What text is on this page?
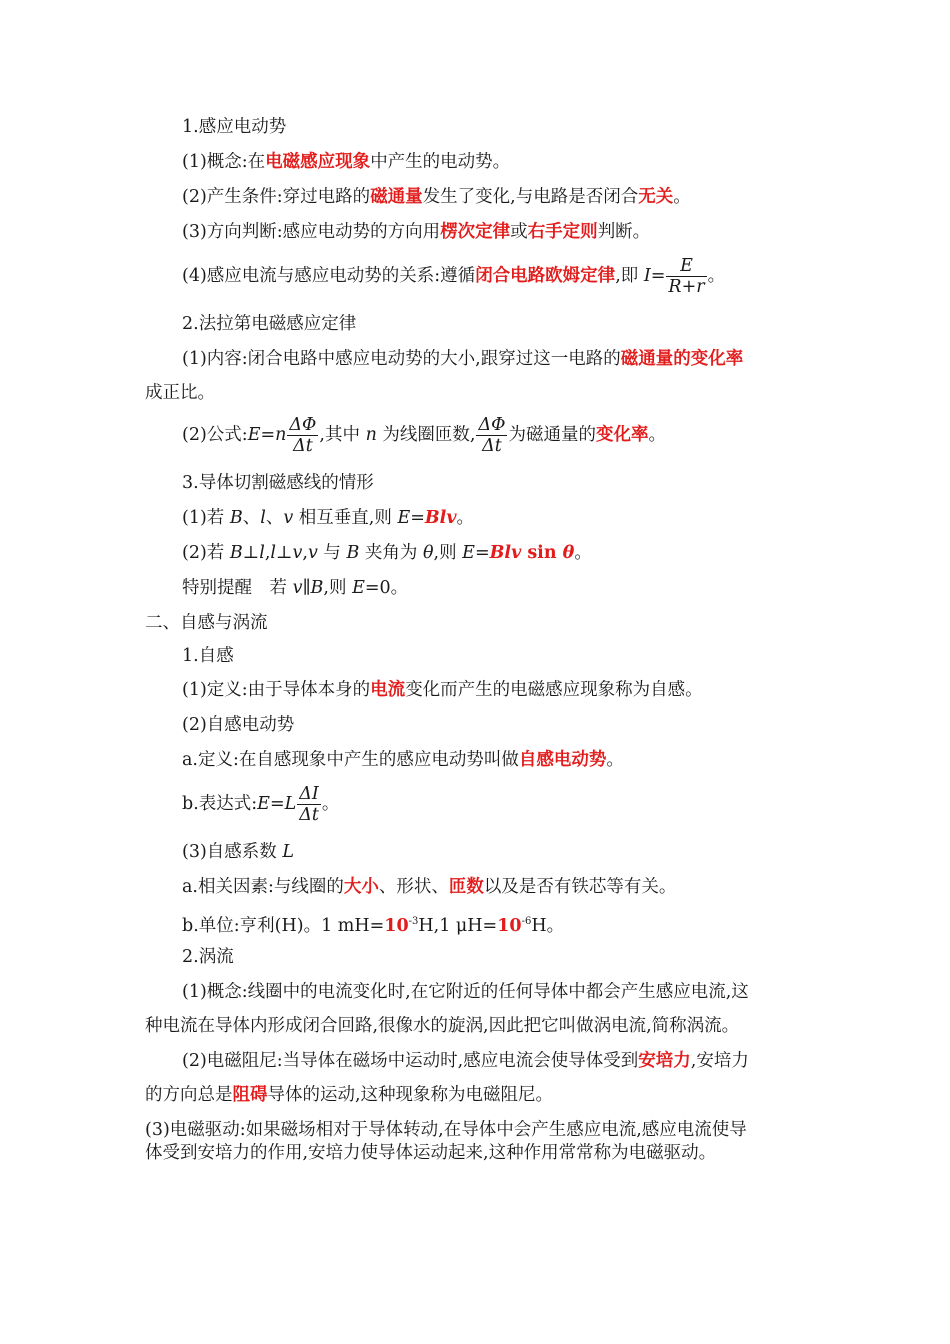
1.感应电动势
(1)概念:在电磁感应现象中产生的电动势。
(2)产生条件:穿过电路的磁通量发生了变化,与电路是否闭合无关。
(3)方向判断:感应电动势的方向用楞次定律或右手定则判断。
(4)感应电流与感应电动势的关系:遵循闭合电路欧姆定律,即 $I= \frac{E}{R+r}$ 。
2.法拉第电磁感应定律
(1)内容:闭合电路中感应电动势的大小,跟穿过这一电路的磁通量的变化率
成正比。
(2)公式:E=n $\frac{\Delta\Phi}{\Delta t}$ ,其中 n 为线圈匝数, $\frac{\Delta\Phi}{\Delta t}$ 为磁通量的变化率。
3.导体切割磁感线的情形
(1)若 B、l、v 相互垂直,则 E=Blv。
(2)若 B⊥l,l⊥v,v 与 B 夹角为 θ,则 E=Blv sin θ。
特别提醒　若 v∥B,则 E=0。
二、自感与涡流
1.自感
(1)定义:由于导体本身的电流变化而产生的电磁感应现象称为自感。
(2)自感电动势
a.定义:在自感现象中产生的感应电动势叫做自感电动势。
b.表达式:E=L $\frac{\Delta I}{\Delta t}$ 。
(3)自感系数 L
a.相关因素:与线圈的大小、形状、匝数以及是否有铁芯等有关。
b.单位:亨利(H)。1 $mH=10^{-3}H,1$ $\mu H=10^{-6}H$。
2.涡流
(1)概念:线圈中的电流变化时,在它附近的任何导体中都会产生感应电流,这
种电流在导体内形成闭合回路,很像水的旋涡,因此把它叫做涡电流,简称涡流。
(2)电磁阻尼:当导体在磁场中运动时,感应电流会使导体受到安培力,安培力
的方向总是阻碍导体的运动,这种现象称为电磁阻尼。
(3)电磁驱动:如果磁场相对于导体转动,在导体中会产生感应电流,感应电流使导
体受到安培力的作用,安培力使导体运动起来,这种作用常常称为电磁驱动。
